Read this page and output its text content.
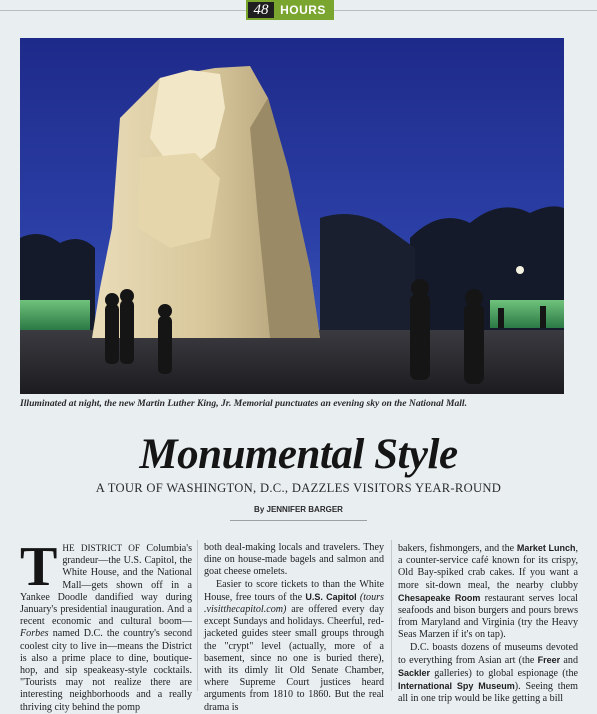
48 HOURS
Illuminated at night, the new Martin Luther King, Jr. Memorial punctuates an evening sky on the National Mall.
Monumental Style
A TOUR OF WASHINGTON, D.C., DAZZLES VISITORS YEAR-ROUND
By JENNIFER BARGER

THE DISTRICT OF Columbia's grandeur—the U.S. Capitol, the White House, and the National Mall—gets shown off in a Yankee Doodle dandified way during January's presidential inauguration. And a recent economic and cultural boom—Forbes named D.C. the country's second coolest city to live in—means the District is also a prime place to dine, boutique-hop, and sip speakeasy-style cocktails. "Tourists may not realize there are interesting neighborhoods and a really thriving city behind the pomp

both deal-making locals and travelers. They dine on house-made bagels and salmon and goat cheese omelets.

Easier to score tickets to than the White House, free tours of the U.S. Capitol (tours .visitthecapitol.com) are offered every day except Sundays and holidays. Cheerful, red-jacketed guides steer small groups through the "crypt" level (actually, more of a basement, since no one is buried there), with its dimly lit Old Senate Chamber, where Supreme Court justices heard arguments from 1810 to 1860. But the real drama is

bakers, fishmongers, and the Market Lunch, a counter-service café known for its crispy, Old Bay-spiked crab cakes. If you want a more sit-down meal, the nearby clubby Chesapeake Room restaurant serves local seafoods and bison burgers and pours brews from Maryland and Virginia (try the Heavy Seas Marzen if it's on tap).

D.C. boasts dozens of museums devoted to everything from Asian art (the Freer and Sackler galleries) to global espionage (the International Spy Museum). Seeing them all in one trip would be like getting a bill
